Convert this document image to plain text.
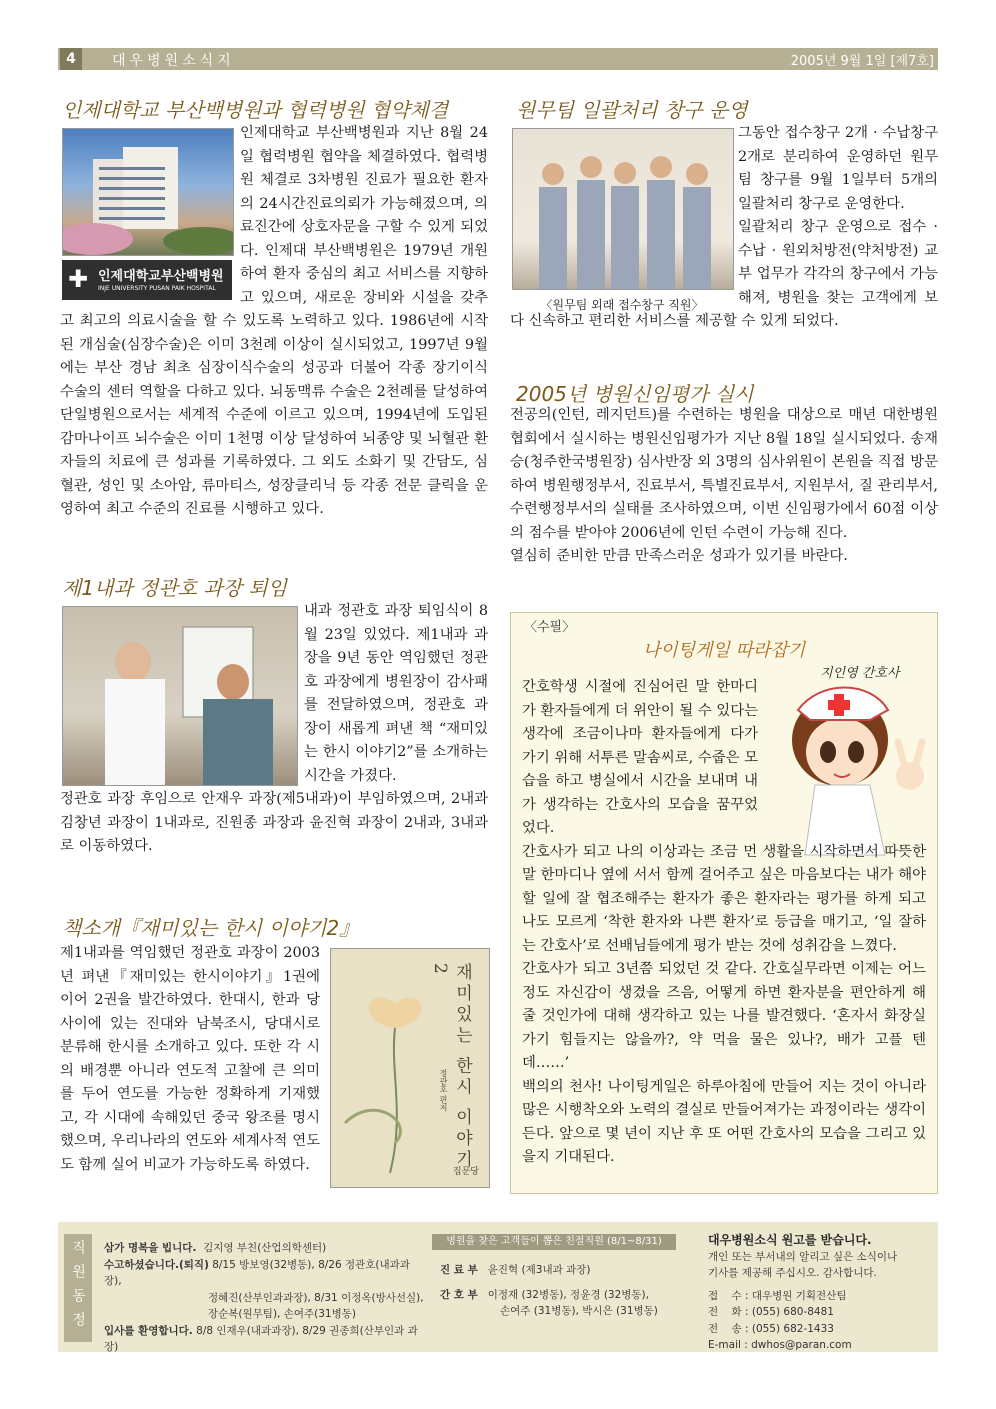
4	대우병원소식지	2005년 9월 1일 [제7호]
인제대학교 부산백병원과 협력병원 협약체결
✚ 인제대학교부산백병원
INJE UNIVERSITY PUSAN PAIK HOSPITAL

인제대학교 부산백병원과 지난 8월 24일 협력병원 협약을 체결하였다. 협력병원 체결로 3차병원 진료가 필요한 환자의 24시간진료의뢰가 가능해졌으며, 의료진간에 상호자문을 구할 수 있게 되었다. 인제대 부산백병원은 1979년 개원하여 환자 중심의 최고 서비스를 지향하고 있으며, 새로운 장비와 시설을 갖추고 최고의 의료시술을 할 수 있도록 노력하고 있다. 1986년에 시작된 개심술(심장수술)은 이미 3천례 이상이 실시되었고, 1997년 9월에는 부산 경남 최초 심장이식수술의 성공과 더불어 각종 장기이식 수술의 센터 역할을 다하고 있다. 뇌동맥류 수술은 2천례를 달성하여 단일병원으로서는 세계적 수준에 이르고 있으며, 1994년에 도입된 감마나이프 뇌수술은 이미 1천명 이상 달성하여 뇌종양 및 뇌혈관 환자들의 치료에 큰 성과를 기록하였다. 그 외도 소화기 및 간담도, 심혈관, 성인 및 소아암, 류마티스, 성장클리닉 등 각종 전문 클릭을 운영하여 최고 수준의 진료를 시행하고 있다.

제1내과 정관호 과장 퇴임

내과 정관호 과장 퇴임식이 8월 23일 있었다. 제1내과 과장을 9년 동안 역임했던 정관호 과장에게 병원장이 감사패를 전달하였으며, 정관호 과장이 새롭게 펴낸 책 “재미있는 한시 이야기2”를 소개하는 시간을 가졌다.

정관호 과장 후임으로 안재우 과장(제5내과)이 부임하였으며, 2내과 김창년 과장이 1내과로, 진원종 과장과 윤진혁 과장이 2내과, 3내과로 이동하였다.

책소개『재미있는 한시 이야기2』
재미있는 한시 이야기 2
정관호 편저
집문당

제1내과를 역임했던 정관호 과장이 2003년 펴낸『재미있는 한시이야기』1권에 이어 2권을 발간하였다. 한대시, 한과 당 사이에 있는 진대와 남북조시, 당대시로 분류해 한시를 소개하고 있다. 또한 각 시의 배경뿐 아니라 연도적 고찰에 큰 의미를 두어 연도를 가능한 정확하게 기재했고, 각 시대에 속해있던 중국 왕조를 명시했으며, 우리나라의 연도와 세계사적 연도도 함께 실어 비교가 가능하도록 하였다.

원무팀 일괄처리 창구 운영
〈원무팀 외래 접수창구 직원〉

그동안 접수창구 2개 · 수납창구 2개로 분리하여 운영하던 원무팀 창구를 9월 1일부터 5개의 일괄처리 창구로 운영한다.

일괄처리 창구 운영으로 접수 · 수납 · 원외처방전(약처방전) 교부 업무가 각각의 창구에서 가능해져, 병원을 찾는 고객에게 보다 신속하고 편리한 서비스를 제공할 수 있게 되었다.

2005년 병원신임평가 실시

전공의(인턴, 레지던트)를 수련하는 병원을 대상으로 매년 대한병원협회에서 실시하는 병원신임평가가 지난 8월 18일 실시되었다. 송재승(청주한국병원장) 심사반장 외 3명의 심사위원이 본원을 직접 방문하여 병원행정부서, 진료부서, 특별진료부서, 지원부서, 질 관리부서, 수련행정부서의 실태를 조사하였으며, 이번 신임평가에서 60점 이상의 점수를 받아야 2006년에 인턴 수련이 가능해 진다.

열심히 준비한 만큼 만족스러운 성과가 있기를 바란다.

〈수필〉
나이팅게일 따라잡기
지인영 간호사

간호학생 시절에 진심어린 말 한마디가 환자들에게 더 위안이 될 수 있다는 생각에 조금이나마 환자들에게 다가가기 위해 서투른 말솜씨로, 수줍은 모습을 하고 병실에서 시간을 보내며 내가 생각하는 간호사의 모습을 꿈꾸었었다.

간호사가 되고 나의 이상과는 조금 먼 생활을 시작하면서 따뜻한 말 한마디나 옆에 서서 함께 걸어주고 싶은 마음보다는 내가 해야 할 일에 잘 협조해주는 환자가 좋은 환자라는 평가를 하게 되고 나도 모르게 ‘착한 환자와 나쁜 환자’로 등급을 매기고, ‘일 잘하는 간호사’로 선배님들에게 평가 받는 것에 성취감을 느꼈다.

간호사가 되고 3년쯤 되었던 것 같다. 간호실무라면 이제는 어느 정도 자신감이 생겼을 즈음, 어떻게 하면 환자분을 편안하게 해 줄 것인가에 대해 생각하고 있는 나를 발견했다. ‘혼자서 화장실 가기 힘들지는 않을까?, 약 먹을 물은 있나?, 배가 고플 텐데……’

백의의 천사! 나이팅게일은 하루아침에 만들어 지는 것이 아니라 많은 시행착오와 노력의 결실로 만들어져가는 과정이라는 생각이 든다. 앞으로 몇 년이 지난 후 또 어떤 간호사의 모습을 그리고 있을지 기대된다.

직원동정	삼가 명복을 빕니다. 김지영 부친(산업의학센터)
수고하셨습니다.(퇴직) 8/15 방보영(32병동), 8/26 정관호(내과과장),
정혜진(산부인과과장), 8/31 이정옥(방사선실),
장순복(원무팀), 손여주(31병동)
입사를 환영합니다. 8/8 인재우(내과과장), 8/29 권종희(산부인과 과장)
병원을 찾은 고객들이 뽑은 친절직원 (8/1~8/31)
진 료 부 윤진혁 (제3내과 과장)
간 호 부 이정재 (32병동), 정윤경 (32병동),
손여주 (31병동), 박시은 (31병동)
대우병원소식 원고를 받습니다.
개인 또는 부서내의 알리고 싶은 소식이나
기사를 제공해 주십시오. 감사합니다.
접    수 : 대우병원 기획전산팀
전    화 : (055) 680-8481
전    송 : (055) 682-1433
E-mail : dwhos@paran.com
